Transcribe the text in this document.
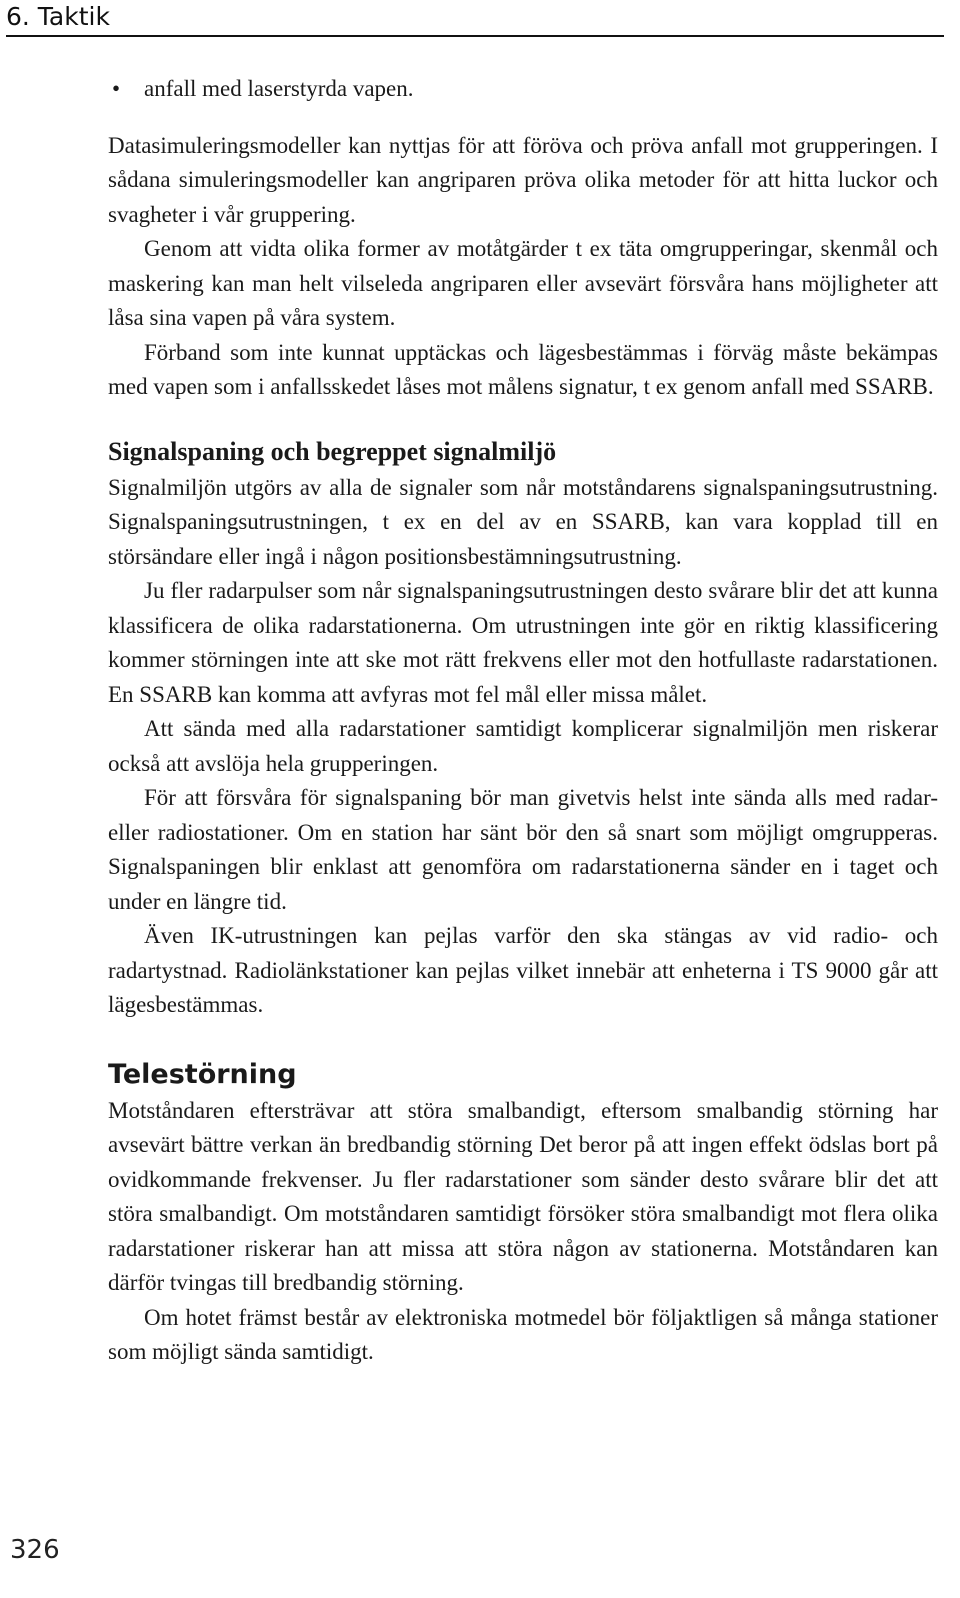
6. Taktik
• anfall med laserstyrda vapen.

Datasimuleringsmodeller kan nyttjas för att föröva och pröva anfall mot grupperingen. I sådana simuleringsmodeller kan angriparen pröva olika metoder för att hitta luckor och svagheter i vår gruppering.

Genom att vidta olika former av motåtgärder t ex täta omgrupperingar, skenmål och maskering kan man helt vilseleda angriparen eller avsevärt försvåra hans möjligheter att låsa sina vapen på våra system.

Förband som inte kunnat upptäckas och lägesbestämmas i förväg måste bekämpas med vapen som i anfallsskedet låses mot målens signatur, t ex genom anfall med SSARB.

Signalspaning och begreppet signalmiljö

Signalmiljön utgörs av alla de signaler som når motståndarens signalspaningsutrustning. Signalspaningsutrustningen, t ex en del av en SSARB, kan vara kopplad till en störsändare eller ingå i någon positionsbestämningsutrustning.

Ju fler radarpulser som når signalspaningsutrustningen desto svårare blir det att kunna klassificera de olika radarstationerna. Om utrustningen inte gör en riktig klassificering kommer störningen inte att ske mot rätt frekvens eller mot den hotfullaste radarstationen. En SSARB kan komma att avfyras mot fel mål eller missa målet.

Att sända med alla radarstationer samtidigt komplicerar signalmiljön men riskerar också att avslöja hela grupperingen.

För att försvåra för signalspaning bör man givetvis helst inte sända alls med radar- eller radiostationer. Om en station har sänt bör den så snart som möjligt omgrupperas. Signalspaningen blir enklast att genomföra om radarstationerna sänder en i taget och under en längre tid.

Även IK-utrustningen kan pejlas varför den ska stängas av vid radio- och radartystnad. Radiolänkstationer kan pejlas vilket innebär att enheterna i TS 9000 går att lägesbestämmas.

Telestörning

Motståndaren eftersträvar att störa smalbandigt, eftersom smalbandig störning har avsevärt bättre verkan än bredbandig störning Det beror på att ingen effekt ödslas bort på ovidkommande frekvenser. Ju fler radarstationer som sänder desto svårare blir det att störa smalbandigt. Om motståndaren samtidigt försöker störa smalbandigt mot flera olika radarstationer riskerar han att missa att störa någon av stationerna. Motståndaren kan därför tvingas till bredbandig störning.

Om hotet främst består av elektroniska motmedel bör följaktligen så många stationer som möjligt sända samtidigt.

326
